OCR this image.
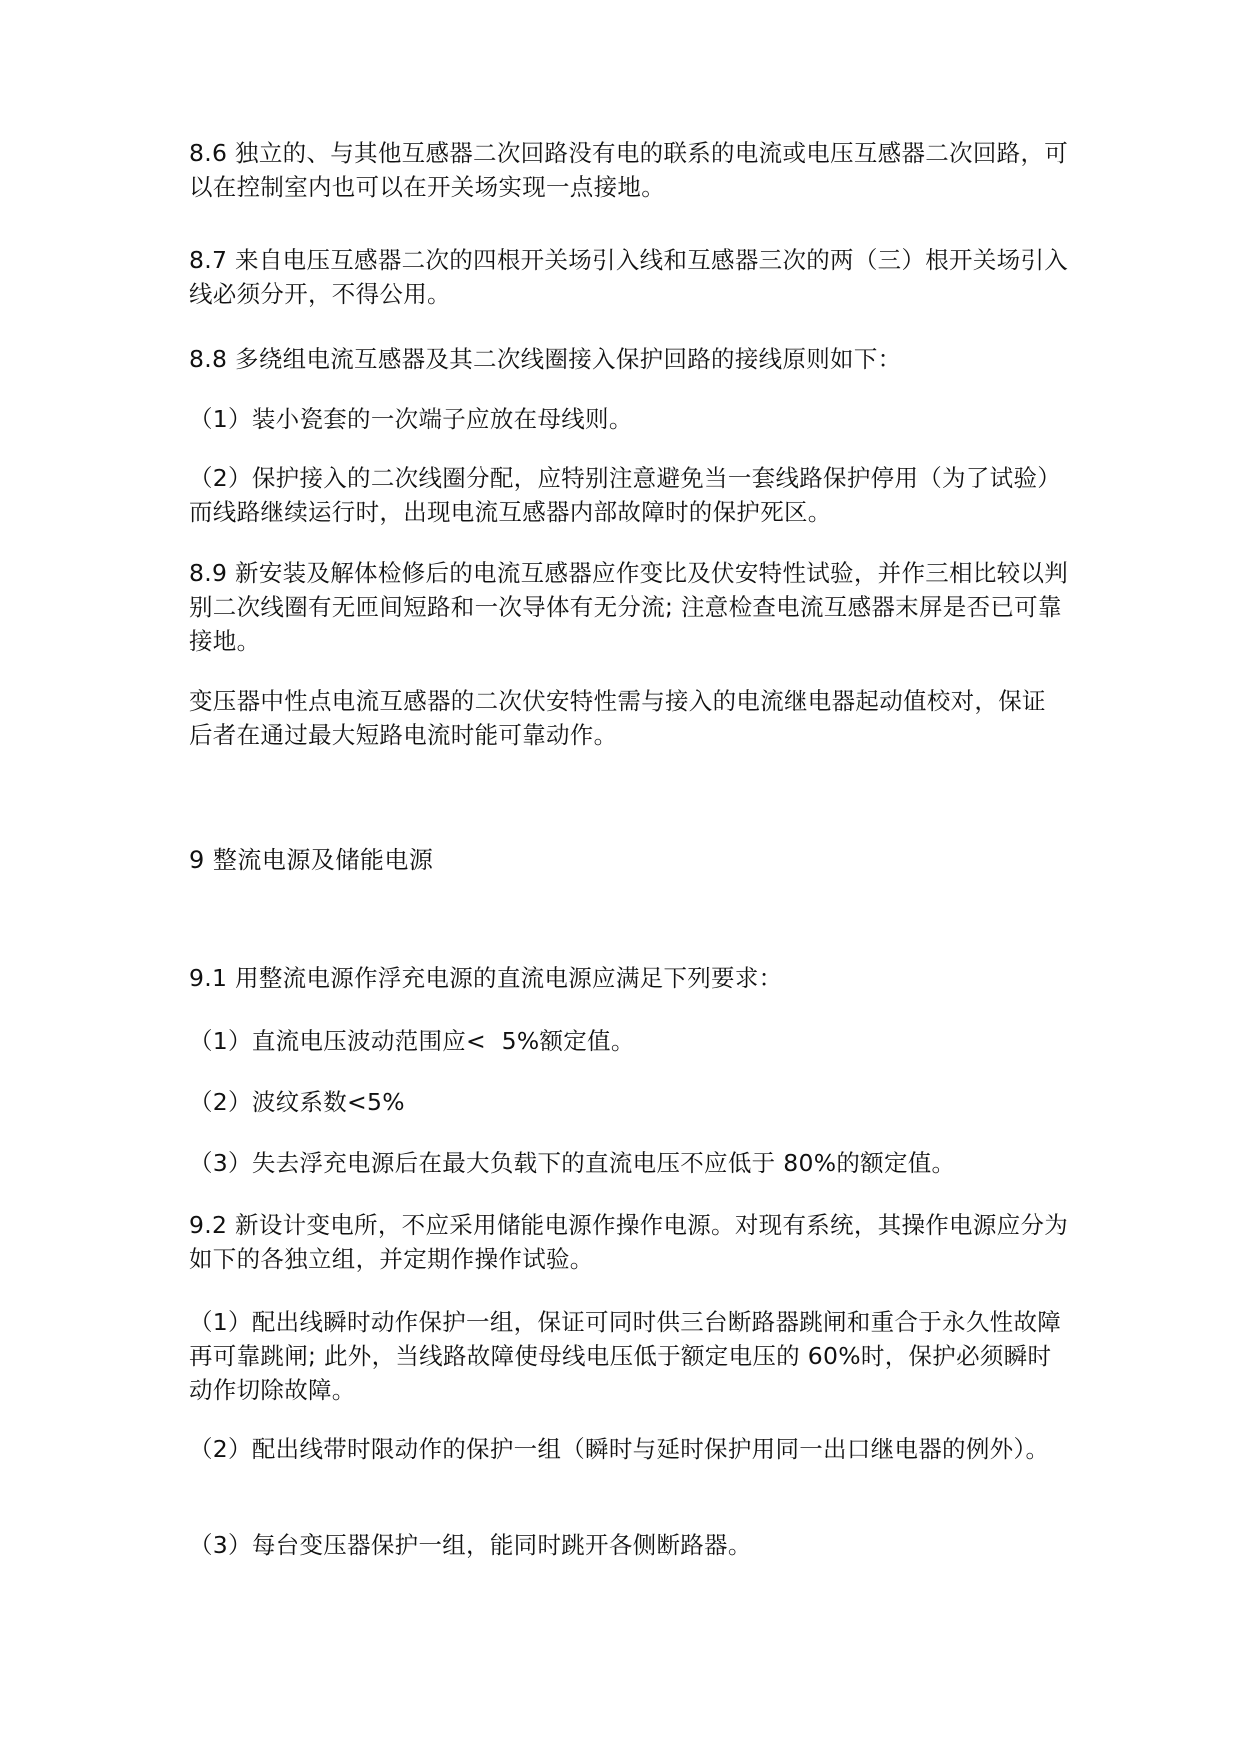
8.6 独立的、与其他互感器二次回路没有电的联系的电流或电压互感器二次回路，可以在控制室内也可以在开关场实现一点接地。

8.7 来自电压互感器二次的四根开关场引入线和互感器三次的两（三）根开关场引入线必须分开，不得公用。

8.8 多绕组电流互感器及其二次线圈接入保护回路的接线原则如下：

（1）装小瓷套的一次端子应放在母线则。

（2）保护接入的二次线圈分配，应特别注意避免当一套线路保护停用（为了试验）而线路继续运行时，出现电流互感器内部故障时的保护死区。

8.9 新安装及解体检修后的电流互感器应作变比及伏安特性试验，并作三相比较以判别二次线圈有无匝间短路和一次导体有无分流; 注意检查电流互感器末屏是否已可靠接地。

变压器中性点电流互感器的二次伏安特性需与接入的电流继电器起动值校对，保证后者在通过最大短路电流时能可靠动作。

9 整流电源及储能电源

9.1 用整流电源作浮充电源的直流电源应满足下列要求：

（1）直流电压波动范围应<  5%额定值。

（2）波纹系数<5%

（3）失去浮充电源后在最大负载下的直流电压不应低于 80%的额定值。

9.2 新设计变电所，不应采用储能电源作操作电源。对现有系统，其操作电源应分为如下的各独立组，并定期作操作试验。

（1）配出线瞬时动作保护一组，保证可同时供三台断路器跳闸和重合于永久性故障再可靠跳闸; 此外，当线路故障使母线电压低于额定电压的 60%时，保护必须瞬时动作切除故障。

（2）配出线带时限动作的保护一组（瞬时与延时保护用同一出口继电器的例外）。

（3）每台变压器保护一组，能同时跳开各侧断路器。
